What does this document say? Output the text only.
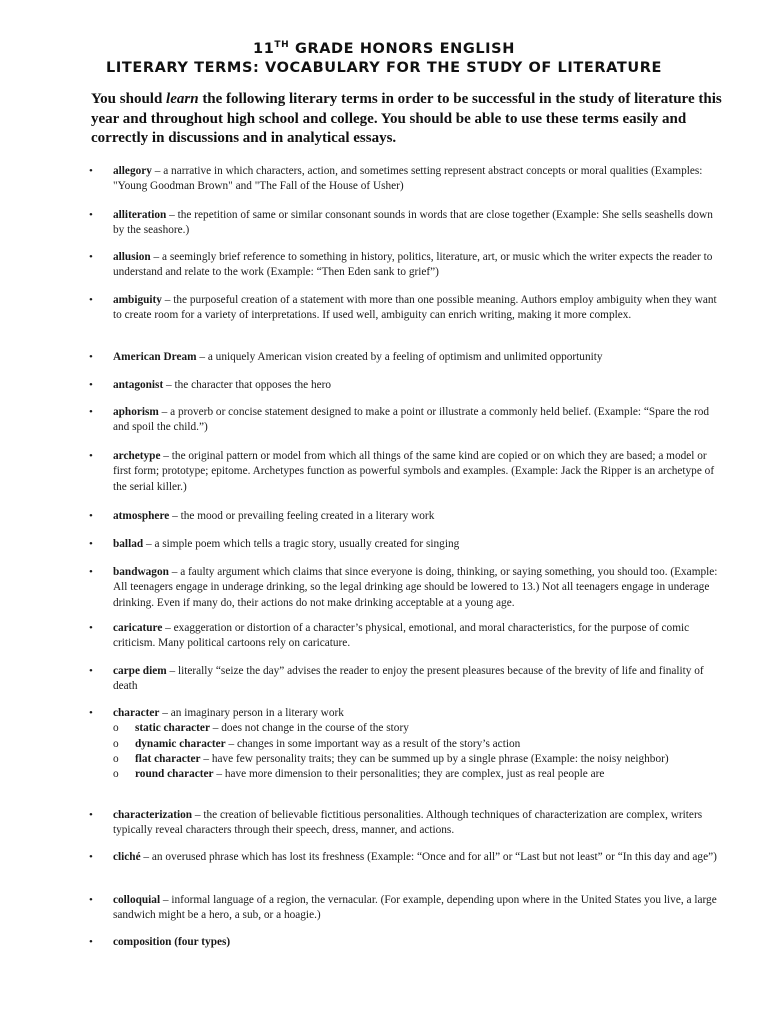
11TH GRADE HONORS ENGLISH
LITERARY TERMS: VOCABULARY FOR THE STUDY OF LITERATURE
You should learn the following literary terms in order to be successful in the study of literature this year and throughout high school and college. You should be able to use these terms easily and correctly in discussions and in analytical essays.
• allegory – a narrative in which characters, action, and sometimes setting represent abstract concepts or moral qualities (Examples: "Young Goodman Brown" and "The Fall of the House of Usher)
• alliteration – the repetition of same or similar consonant sounds in words that are close together (Example: She sells seashells down by the seashore.)
• allusion – a seemingly brief reference to something in history, politics, literature, art, or music which the writer expects the reader to understand and relate to the work (Example: “Then Eden sank to grief”)
• ambiguity – the purposeful creation of a statement with more than one possible meaning. Authors employ ambiguity when they want to create room for a variety of interpretations. If used well, ambiguity can enrich writing, making it more complex.
• American Dream – a uniquely American vision created by a feeling of optimism and unlimited opportunity
• antagonist – the character that opposes the hero
• aphorism – a proverb or concise statement designed to make a point or illustrate a commonly held belief. (Example: “Spare the rod and spoil the child.”)
• archetype – the original pattern or model from which all things of the same kind are copied or on which they are based; a model or first form; prototype; epitome. Archetypes function as powerful symbols and examples. (Example: Jack the Ripper is an archetype of the serial killer.)
• atmosphere – the mood or prevailing feeling created in a literary work
• ballad – a simple poem which tells a tragic story, usually created for singing
• bandwagon – a faulty argument which claims that since everyone is doing, thinking, or saying something, you should too. (Example: All teenagers engage in underage drinking, so the legal drinking age should be lowered to 13.) Not all teenagers engage in underage drinking. Even if many do, their actions do not make drinking acceptable at a young age.
• caricature – exaggeration or distortion of a character’s physical, emotional, and moral characteristics, for the purpose of comic criticism. Many political cartoons rely on caricature.
• carpe diem – literally “seize the day” advises the reader to enjoy the present pleasures because of the brevity of life and finality of death
• character – an imaginary person in a literary work
o static character – does not change in the course of the story
o dynamic character – changes in some important way as a result of the story’s action
o flat character – have few personality traits; they can be summed up by a single phrase (Example: the noisy neighbor)
o round character – have more dimension to their personalities; they are complex, just as real people are
• characterization – the creation of believable fictitious personalities. Although techniques of characterization are complex, writers typically reveal characters through their speech, dress, manner, and actions.
• cliché – an overused phrase which has lost its freshness (Example: “Once and for all” or “Last but not least” or “In this day and age”)
• colloquial – informal language of a region, the vernacular. (For example, depending upon where in the United States you live, a large sandwich might be a hero, a sub, or a hoagie.)
• composition (four types)
